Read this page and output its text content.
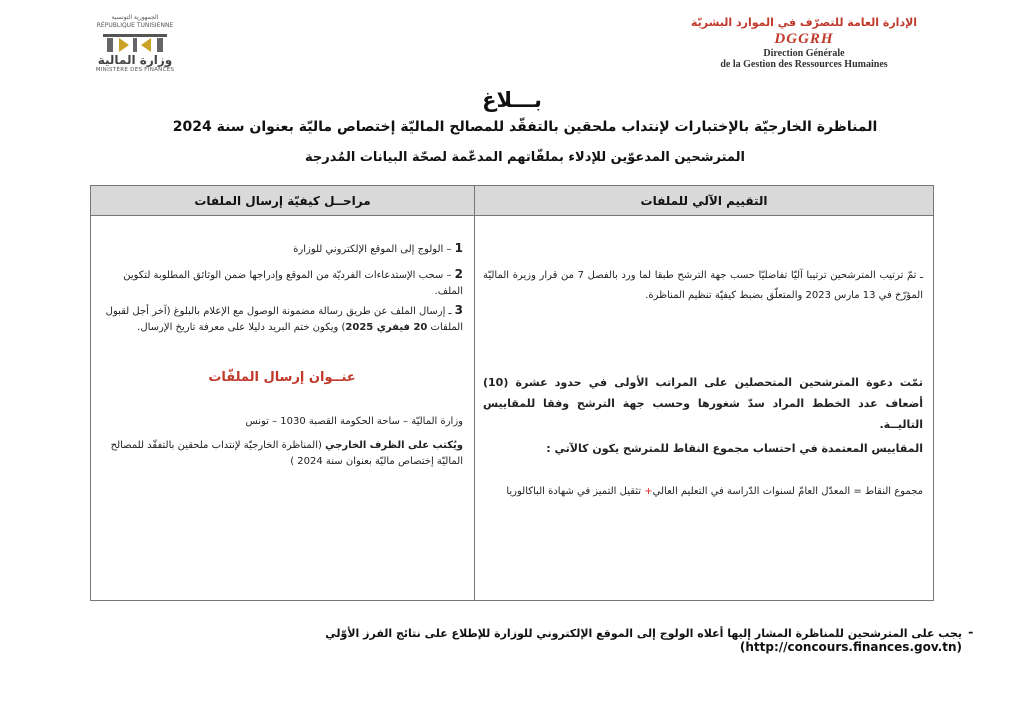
الجمهورية التونسية
RÉPUBLIQUE TUNISIENNE
وزارة المالية
MINISTÈRE DES FINANCES
الإدارة العامة للتصرّف في الموارد البشريّة
DGGRH
Direction Générale
de la Gestion des Ressources Humaines
بـــلاغ
المناظرة الخارجيّة بالإختبارات لإنتداب ملحقين بالتفقّد للمصالح الماليّة إختصاص ماليّة بعنوان سنة 2024
المترشحين المدعوّين للإدلاء بملفّاتهم المدعّمة لصحّة البيانات المُدرجة
التقييم الآلي للملفات
مراحــل كيفيّة إرسال الملفات
ـ تمّ ترتيب المترشحين ترتيبا آليّا تفاضليّا حسب جهة الترشح طبقا لما ورد بالفصل 7 من قرار وزيرة الماليّة المؤرّخ في 13 مارس 2023 والمتعلّق بضبط كيفيّة تنظيم المناظرة.
تمّت دعوة المترشحين المتحصلين على المراتب الأولى في حدود عشرة (10) أضعاف عدد الخطط المراد سدّ شغورها وحسب جهة الترشح وفقا للمقاييس التاليــة.
المقاييس المعتمدة في احتساب مجموع النقاط للمترشح يكون كالآتي :
مجموع النقاط = المعدّل العامّ لسنوات الدّراسة في التعليم العالي+ تثقيل التميز في شهادة الباكالوريا
1 – الولوج إلى الموقع الإلكتروني للوزارة
2 – سحب الإستدعاءات الفرديّة من الموقع وإدراجها ضمن الوثائق المطلوبة لتكوين الملف.
3 ـ إرسال الملف عن طريق رسالة مضمونة الوصول مع الإعلام بالبلوغ (آخر أجل لقبول الملفات 20 فيفري 2025) ويكون ختم البريد دليلا على معرفة تاريخ الإرسال.
عنــوان إرسال الملفّات
وزارة الماليّة – ساحة الحكومة القصبة 1030 – تونس
ويُكتب على الظرف الخارجي (المناظرة الخارجيّة لإنتداب ملحقين بالتفقّد للمصالح الماليّة إختصاص ماليّة بعنوان سنة 2024 )
-
يجب على المترشحين للمناظرة المشار إليها أعلاه الولوج إلى الموقع الإلكتروني للوزارة للإطلاع على نتائج الفرز الأوّلي (http://concours.finances.gov.tn)
